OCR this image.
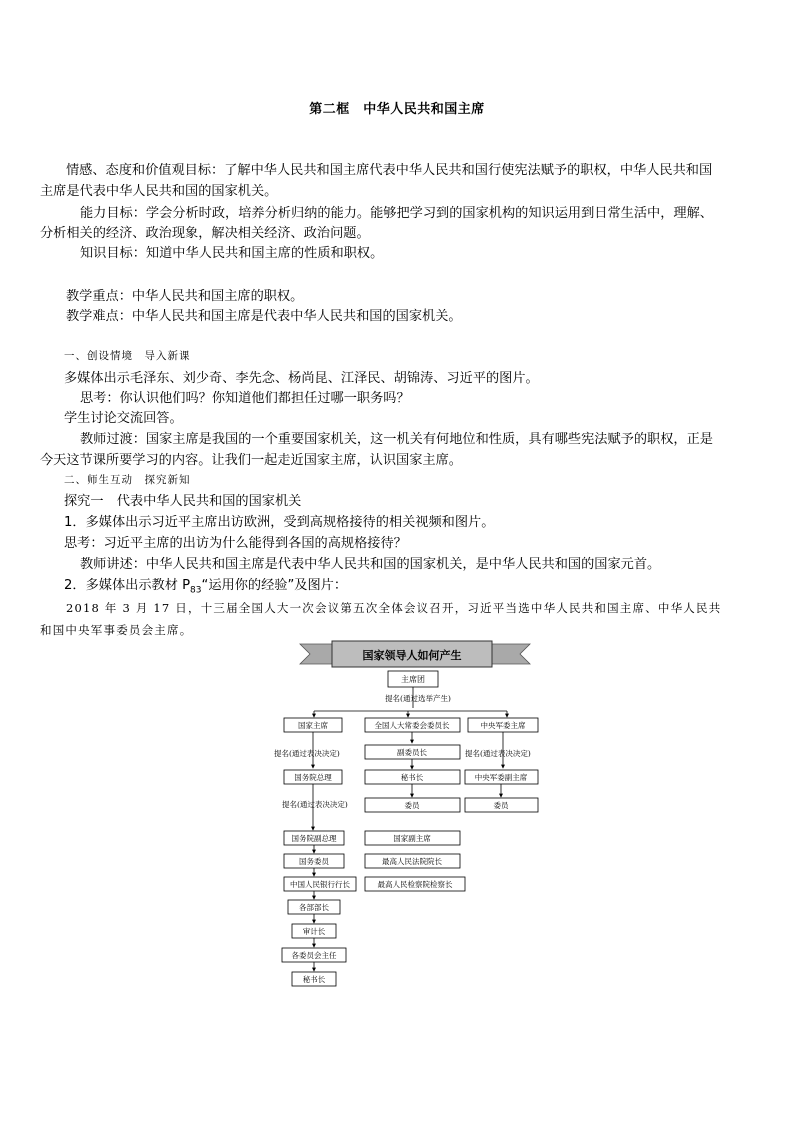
第二框　中华人民共和国主席
情感、态度和价值观目标：了解中华人民共和国主席代表中华人民共和国行使宪法赋予的职权，中华人民共和国
主席是代表中华人民共和国的国家机关。
能力目标：学会分析时政，培养分析归纳的能力。能够把学习到的国家机构的知识运用到日常生活中，理解、
分析相关的经济、政治现象，解决相关经济、政治问题。
知识目标：知道中华人民共和国主席的性质和职权。
教学重点：中华人民共和国主席的职权。
教学难点：中华人民共和国主席是代表中华人民共和国的国家机关。
一、创设情境　导入新课
多媒体出示毛泽东、刘少奇、李先念、杨尚昆、江泽民、胡锦涛、习近平的图片。
思考：你认识他们吗？你知道他们都担任过哪一职务吗？
学生讨论交流回答。
教师过渡：国家主席是我国的一个重要国家机关，这一机关有何地位和性质，具有哪些宪法赋予的职权，正是
今天这节课所要学习的内容。让我们一起走近国家主席，认识国家主席。
二、师生互动　探究新知
探究一　代表中华人民共和国的国家机关
1．多媒体出示习近平主席出访欧洲，受到高规格接待的相关视频和图片。
思考：习近平主席的出访为什么能得到各国的高规格接待？
教师讲述：中华人民共和国主席是代表中华人民共和国的国家机关，是中华人民共和国的国家元首。
2．多媒体出示教材 $P_{83}“$运用你的经验”及图片：
2018 年 3 月 17 日，十三届全国人大一次会议第五次全体会议召开，习近平当选中华人民共和国主席、中华人民共
和国中央军事委员会主席。
国家领导人如何产生
主席团
提名(通过选举产生)
国家主席	全国人大常委会委员长	中央军委主席
提名(通过表决决定)	提名(通过表决决定)
副委员长
国务院总理	秘书长	中央军委副主席
提名(通过表决决定)	委员	委员
国务院副总理	国家副主席
国务委员	最高人民法院院长
中国人民银行行长	最高人民检察院检察长
各部部长
审计长
各委员会主任
秘书长
